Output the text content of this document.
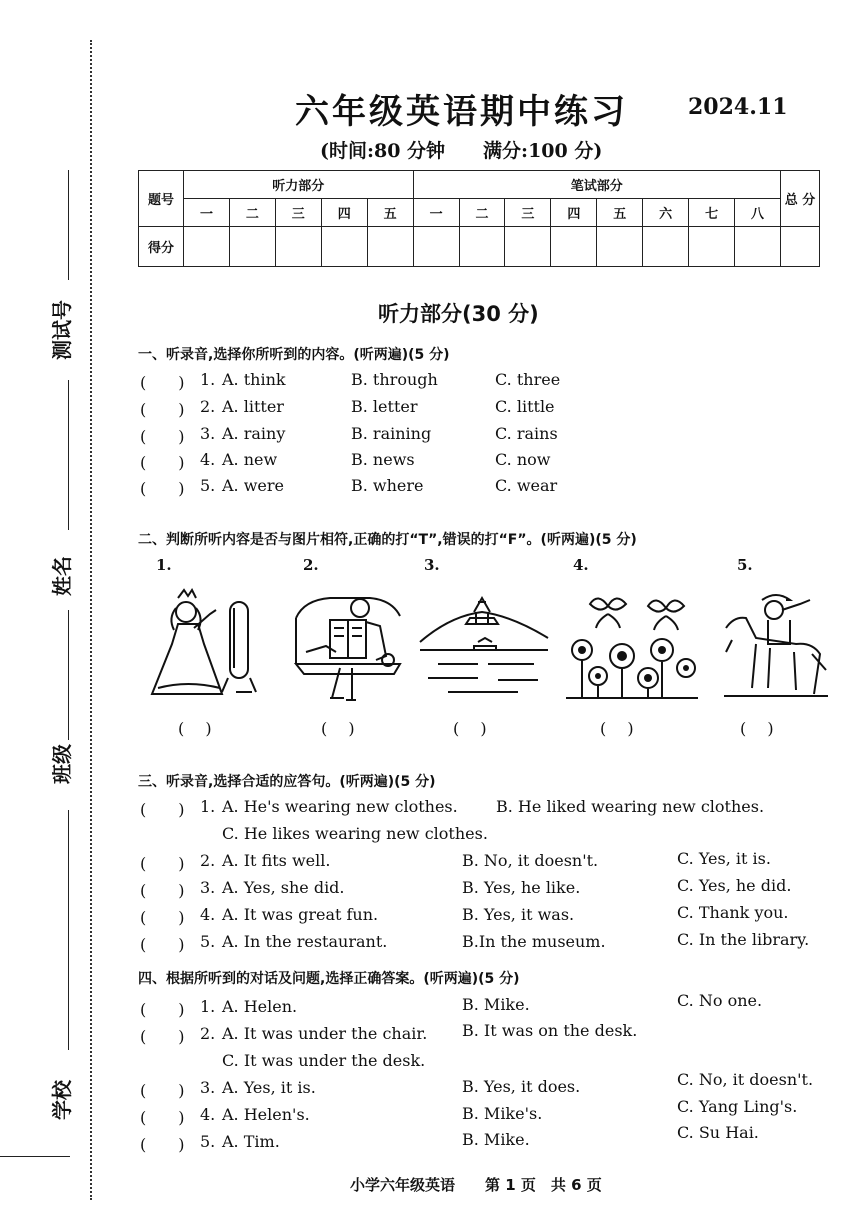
测试号
姓名
班级
学校
六年级英语期中练习	2024.11
(时间:80 分钟　　满分:100 分)
题号	听力部分					笔试部分								总 分
	一	二	三	四	五	一	二	三	四	五	六	七	八	
得分														
听力部分(30 分)
一、听录音,选择你所听到的内容。(听两遍)(5 分)
(　　) 1. A. think	B. through	C. three
(　　) 2. A. litter	B. letter	C. little
(　　) 3. A. rainy	B. raining	C. rains
(　　) 4. A. new	B. news	C. now
(　　) 5. A. were	B. where	C. wear
二、判断所听内容是否与图片相符,正确的打“T”,错误的打“F”。(听两遍)(5 分)
1.	2.	3.	4.	5.
(　 )	(　 )	(　 )	(　 )	(　 )
三、听录音,选择合适的应答句。(听两遍)(5 分)
(　　) 1. A. He's wearing new clothes. B. He liked wearing new clothes.
C. He likes wearing new clothes.
(　　) 2. A. It fits well.	B. No, it doesn't.	C. Yes, it is.
(　　) 3. A. Yes, she did.	B. Yes, he like.	C. Yes, he did.
(　　) 4. A. It was great fun.	B. Yes, it was.	C. Thank you.
(　　) 5. A. In the restaurant.	B.In the museum.	C. In the library.
四、根据所听到的对话及问题,选择正确答案。(听两遍)(5 分)
(　　) 1. A. Helen.	B. Mike.	C. No one.
(　　) 2. A. It was under the chair. B. It was on the desk.
C. It was under the desk.
(　　) 3. A. Yes, it is.	B. Yes, it does.	C. No, it doesn't.
(　　) 4. A. Helen's.	B. Mike's.	C. Yang Ling's.
(　　) 5. A. Tim.	B. Mike.	C. Su Hai.
小学六年级英语　　第 1 页　共 6 页
